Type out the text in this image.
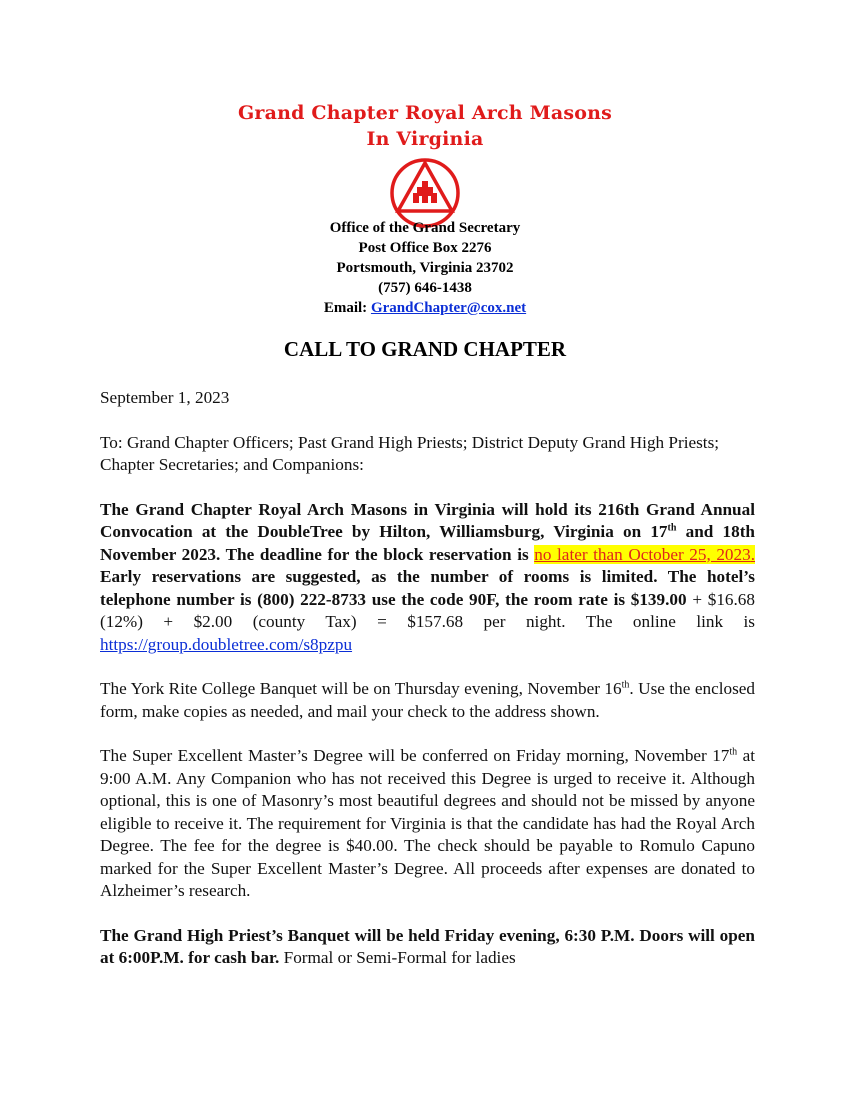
Grand Chapter Royal Arch Masons
In Virginia
Office of the Grand Secretary
Post Office Box 2276
Portsmouth, Virginia 23702
(757) 646-1438
Email: GrandChapter@cox.net
CALL TO GRAND CHAPTER

September 1, 2023

To: Grand Chapter Officers; Past Grand High Priests; District Deputy Grand High Priests; Chapter Secretaries; and Companions:

The Grand Chapter Royal Arch Masons in Virginia will hold its 216th Grand Annual Convocation at the DoubleTree by Hilton, Williamsburg, Virginia on 17th and 18th November 2023. The deadline for the block reservation is no later than October 25, 2023. Early reservations are suggested, as the number of rooms is limited. The hotel’s telephone number is (800) 222-8733 use the code 90F, the room rate is $139.00 + $16.68 (12%) + $2.00 (county Tax) = $157.68 per night. The online link is https://group.doubletree.com/s8pzpu

The York Rite College Banquet will be on Thursday evening, November 16th. Use the enclosed form, make copies as needed, and mail your check to the address shown.

The Super Excellent Master’s Degree will be conferred on Friday morning, November 17th at 9:00 A.M. Any Companion who has not received this Degree is urged to receive it. Although optional, this is one of Masonry’s most beautiful degrees and should not be missed by anyone eligible to receive it. The requirement for Virginia is that the candidate has had the Royal Arch Degree. The fee for the degree is $40.00. The check should be payable to Romulo Capuno marked for the Super Excellent Master’s Degree. All proceeds after expenses are donated to Alzheimer’s research.

The Grand High Priest’s Banquet will be held Friday evening, 6:30 P.M. Doors will open at 6:00P.M. for cash bar. Formal or Semi-Formal for ladies
